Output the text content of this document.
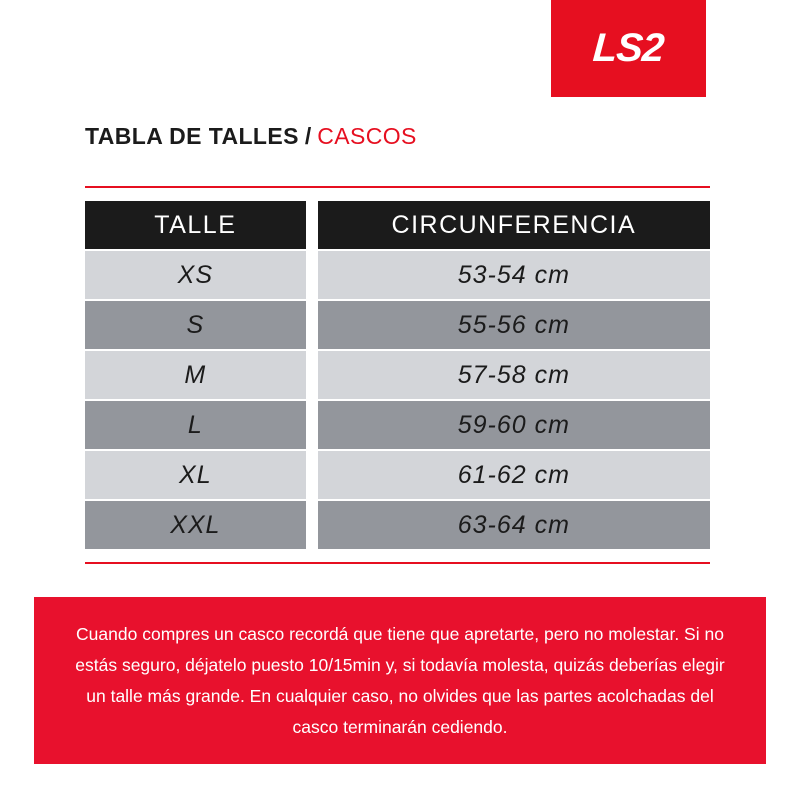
LS2
TABLA DE TALLES / CASCOS
TALLE	CIRCUNFERENCIA
XS	53-54 cm
S	55-56 cm
M	57-58 cm
L	59-60 cm
XL	61-62 cm
XXL	63-64 cm

Cuando compres un casco recordá que tiene que apretarte, pero no molestar. Si no estás seguro, déjatelo puesto 10/15min y, si todavía molesta, quizás deberías elegir un talle más grande. En cualquier caso, no olvides que las partes acolchadas del casco terminarán cediendo.
